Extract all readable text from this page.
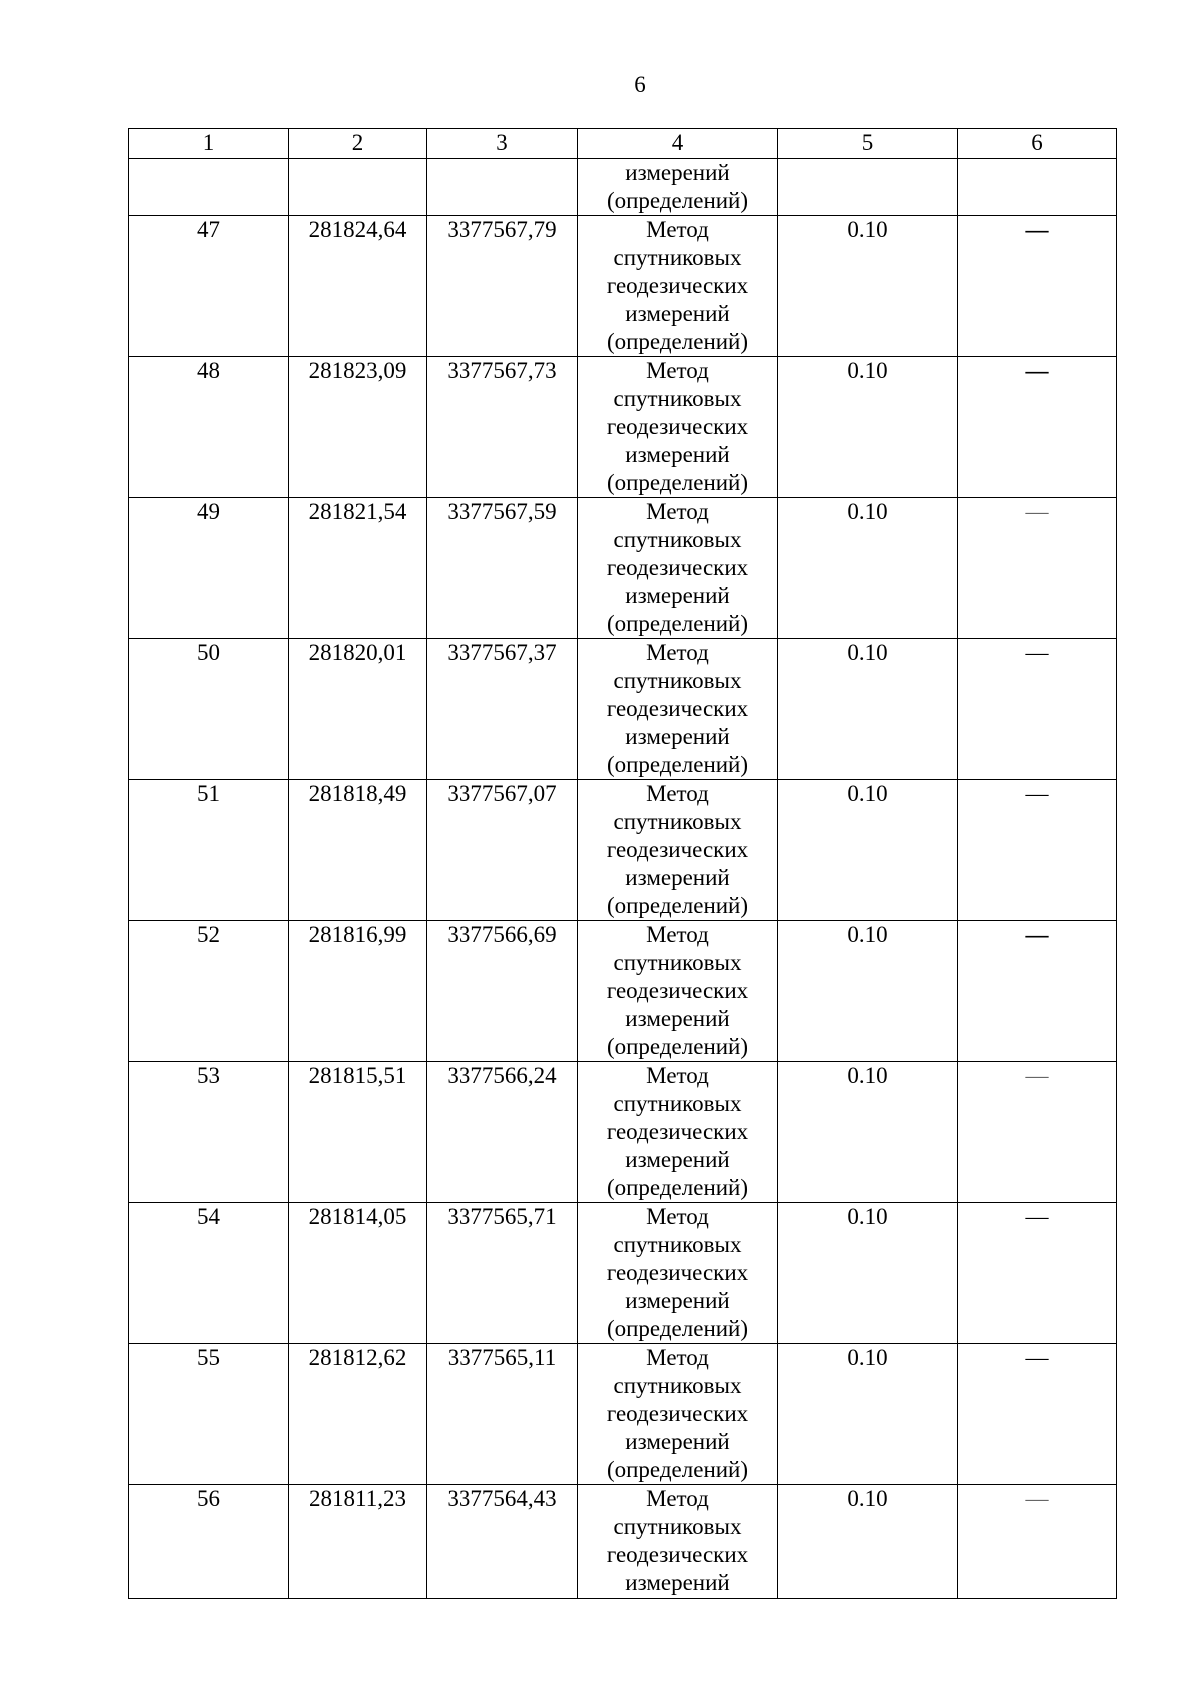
6
1	2	3	4	5	6

			измерений
(определений)		

47	281824,64	3377567,79	Метод
спутниковых
геодезических
измерений
(определений)	0.10	—
48	281823,09	3377567,73	Метод
спутниковых
геодезических
измерений
(определений)	0.10	—
49	281821,54	3377567,59	Метод
спутниковых
геодезических
измерений
(определений)	0.10	—
50	281820,01	3377567,37	Метод
спутниковых
геодезических
измерений
(определений)	0.10	—
51	281818,49	3377567,07	Метод
спутниковых
геодезических
измерений
(определений)	0.10	—
52	281816,99	3377566,69	Метод
спутниковых
геодезических
измерений
(определений)	0.10	—
53	281815,51	3377566,24	Метод
спутниковых
геодезических
измерений
(определений)	0.10	—
54	281814,05	3377565,71	Метод
спутниковых
геодезических
измерений
(определений)	0.10	—
55	281812,62	3377565,11	Метод
спутниковых
геодезических
измерений
(определений)	0.10	—
56	281811,23	3377564,43	Метод
спутниковых
геодезических
измерений	0.10	—
